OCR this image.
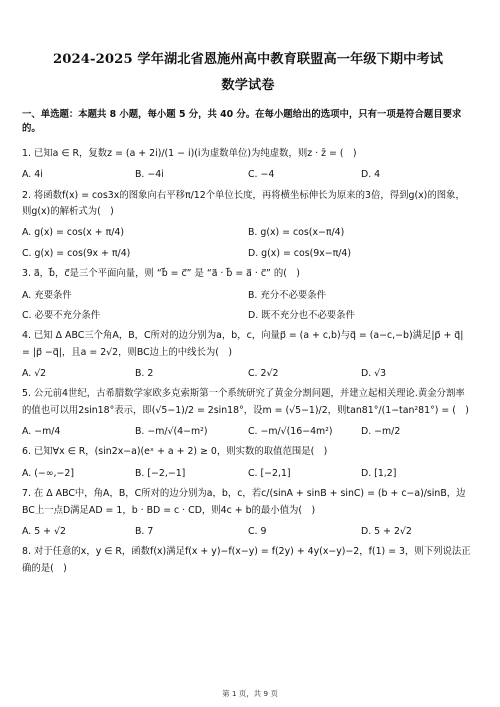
2024-2025 学年湖北省恩施州高中教育联盟高一年级下期中考试
数学试卷
一、单选题：本题共 8 小题，每小题 5 分，共 40 分。在每小题给出的选项中，只有一项是符合题目要求的。
1. 已知a ∈ R，复数z = (a + 2i)/(1 − i)(i为虚数单位)为纯虚数，则z · z̄ = (　)
A. 4i	B. −4i	C. −4	D. 4
2. 将函数f(x) = cos3x的图象向右平移π/12个单位长度，再将横坐标伸长为原来的3倍，得到g(x)的图象，则g(x)的解析式为(　)
A. g(x) = cos(x + π/4)	B. g(x) = cos(x−π/4)
C. g(x) = cos(9x + π/4)	D. g(x) = cos(9x−π/4)
3. a⃗，b⃗，c⃗是三个平面向量，则 “b⃗ = c⃗” 是 “a⃗ · b⃗ = a⃗ · c⃗” 的(　)
A. 充要条件	B. 充分不必要条件
C. 必要不充分条件	D. 既不充分也不必要条件
4. 已知 Δ ABC三个角A，B，C所对的边分别为a，b，c，向量p⃗ = (a + c,b)与q⃗ = (a−c,−b)满足|p⃗ + q⃗| = |p⃗ −q⃗|，且a = 2√2，则BC边上的中线长为(　)
A. √2	B. 2	C. 2√2	D. √3
5. 公元前4世纪，古希腊数学家欧多克索斯第一个系统研究了黄金分割问题，并建立起相关理论.黄金分割率的值也可以用2sin18°表示，即(√5−1)/2 = 2sin18°，设m = (√5−1)/2，则tan81°/(1−tan²81°) = (　)
A. −m/4	B. −m/√(4−m²)	C. −m/√(16−4m²)	D. −m/2
6. 已知∀x ∈ R，(sin2x−a)(eˣ + a + 2) ≥ 0，则实数的取值范围是(　)
A. (−∞,−2]	B. [−2,−1]	C. [−2,1]	D. [1,2]
7. 在 Δ ABC中，角A，B，C所对的边分别为a，b，c，若c/(sinA + sinB + sinC) = (b + c−a)/sinB，边BC上一点D满足AD = 1，b · BD = c · CD，则4c + b的最小值为(　)
A. 5 + √2	B. 7	C. 9	D. 5 + 2√2
8. 对于任意的x，y ∈ R，函数f(x)满足f(x + y)−f(x−y) = f(2y) + 4y(x−y)−2，f(1) = 3，则下列说法正确的是(　)
第 1 页，共 9 页
